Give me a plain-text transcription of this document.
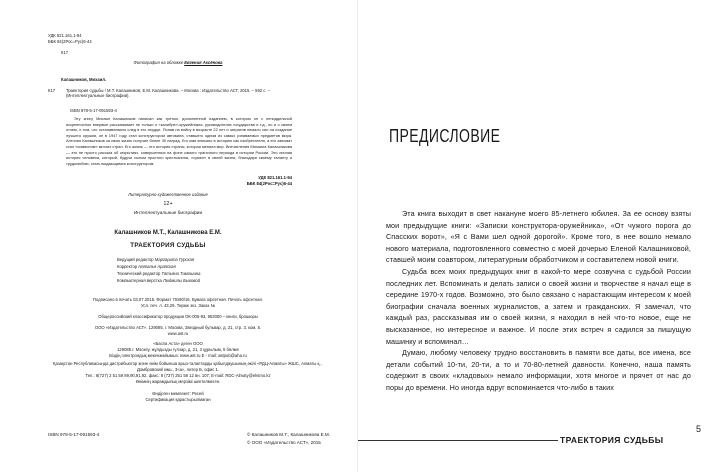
УДК 821.161.1-94
ББК 84(2Рос=Рус)6-44
К17
Фотография на обложке Евгения Аксёнова
Калашников, Михаил.
К17	Траектория судьбы / М.Т. Калашников, Е.М. Калашникова. – Москва : Издательство АСТ, 2015. – 592 с. – (Интеллектуальные биографии).
ISBN 978-5-17-091593-4

Эту книгу Михаил Калашников написал как третью, дополненной изданием, в котором он с неподдельной искренностью впервые рассказывает не только о «калибре»-оружейниках, руководителях государства и т.д., но и о своем отчем, о том, что останавливало след в его сердце. Попав на войну в возрасте 22 лет и затратив немало сил на создание лучшего оружия, он в 1947 году стал конструктором автомата, ставшего одним из самых узнаваемых предметов мира. Антонио Калашников за свою жизнь получил более 30 наград. Его имя вписано в историю как изобретателя, а его автомат стал «символом» многих стран. Его жизнь — это история страны, которая меняла мир. Впечатления Михаила Калашникова — это не просто рассказ об открытиях, совершенных на фоне самого трагичного периода в истории России. Это личная история человека, который, будучи сыном простого крестьянина, «сумел» в своей жизни, благодаря своему таланту и трудолюбию, стать выдающимся конструктором.

УДК 821.161.1-94
ББК 84(2Рос=Рус)6-44
Литературно-художественное издание
12+
Интеллектуальные биографии
Калашников М.Т., Калашникова Е.М.
ТРАЕКТОРИЯ СУДЬБЫ
Ведущий редактор Маргарита Гурская
Корректор Наталья Арапская
Технический редактор Татьяна Тимошина
Компьютерная верстка Людмилы Быковой
Подписано в печать 03.07.2015. Формат 70x90/16. Бумага офсетная. Печать офсетная.
Усл. печ. л. 43,29. Тираж экз. Заказ №
Общероссийский классификатор продукции ОК-005-93, 953000 – книги, брошюры
ООО «Издательство АСТ». 129085, г. Москва, Звездный бульвар, д. 21, стр. 3, ком. 5.
www.ast.ru
«Баспа Аста» деген ООО
129085 г. Мәскеу, жұлдызды гүлзар, д. 21, 3 құрылым, 5 бөлме
Біздің электрондық мекенжайымыз: www.ast.ru Е - mail: astpub@aha.ru
Қазақстан Республикасында дистрибьютор және өнім бойынша арыз-талаптарды қабылдаушының өкілі «РДЦ-Алматы» ЖШС, Алматы қ.,
Домбровский көш., 3«а», литер Б, офис 1.
Тел.: 8(727) 2 51 59 89,90,91,92, факс: 8 (727) 251 58 12 вн. 107; E-mail: RDC-Almaty@eksmo.kz
Өнімнің жарамдылық мерзімі шектелмеген.
Өндірген мемлекет: Ресей
Сертификация қарастырылмаған
ISBN 978-5-17-091593-4	© Калашников М.Т., Калашникова Е.М.
© ООО «Издательство АСТ», 2015
ПРЕДИСЛОВИЕ

Эта книга выходит в свет накануне моего 85-летнего юбилея. За ее основу взяты мои предыдущие книги: «Записки конструктора-оружейника», «От чужого порога до Спасских ворот», «Я с Вами шел одной дорогой». Кроме того, в нее вошло немало нового материала, подготовленного совместно с моей дочерью Еленой Калашниковой, ставшей моим соавтором, литературным обработчиком и составителем новой книги.

Судьба всех моих предыдущих книг в какой-то мере созвучна с судьбой России последних лет. Вспоминать и делать записи о своей жизни и творчестве я начал еще в середине 1970-х годов. Возможно, это было связано с нарастающим интересом к моей биографии сначала военных журналистов, а затем и гражданских. Я замечал, что каждый раз, рассказывая им о своей жизни, я находил в ней что-то новое, еще не высказанное, но интересное и важное. И после этих встреч я садился за пишущую машинку и вспоминал…

Думаю, любому человеку трудно восстановить в памяти все даты, все имена, все детали событий 10-ти, 20-ти, а то и 70-80-летней давности. Конечно, наша память содержит в своих «кладовых» немало информации, хотя многое и прячет от нас до поры до времени. Но иногда вдруг вспоминается что-либо в таких

ТРАЕКТОРИЯ СУДЬБЫ
5
